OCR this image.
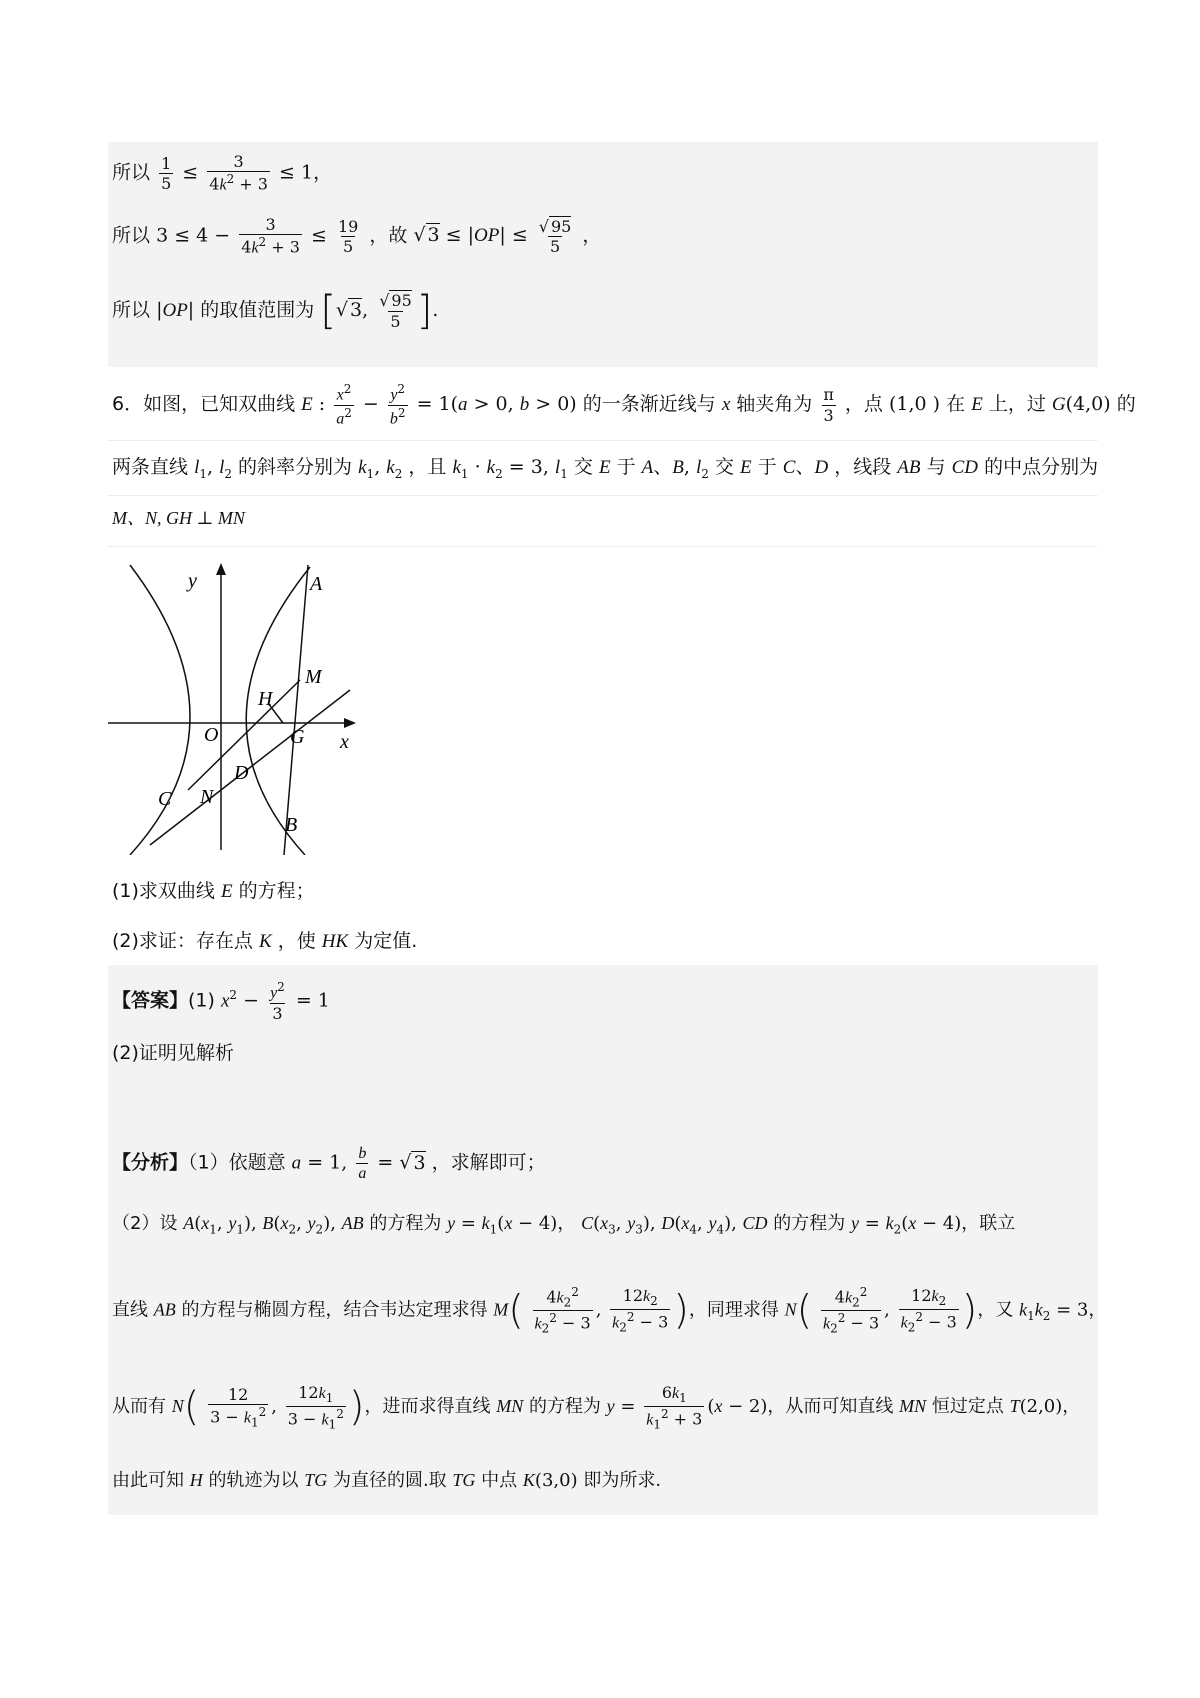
所以 $\frac{1}{5} \le \frac{3}{4k^2 + 3} \le 1$，
所以 $3 \le 4 - \frac{3}{4k^2 + 3} \le \frac{19}{5}$ ，故 √ $3 \le |OP| \le \frac{√ 95}{5}$ ，
所以 |OP| 的取值范围为 [√ 3, $\frac{√ 95}{5}$ ].
6．如图，已知双曲线 E : $\frac{x^2}{a^2} - \frac{y^2}{b^2} = 1(a > 0$, b > 0) 的一条渐近线与 x 轴夹角为 $\frac{\pi}{3}$ ，点 (1,0 ) 在 E 上，过 G(4,0) 的
两条直线 $l_1$, $l_2$ 的斜率分别为 $k_1$, $k_2$ ，且 $k_1 \cdot k_2 = 3$, $l_1$ 交 E 于 A、B, $l_2$ 交 E 于 C、D ，线段 AB 与 CD 的中点分别为
M、N, GH ⊥ MN
y
x
A
M
H
O	G
D
C N
B
(1)求双曲线 E 的方程；
(2)求证：存在点 K ，使 HK 为定值.
【答案】(1) $x^2 - \frac{y^2}{3} = 1$
(2)证明见解析
【分析】（1）依题意 a = 1, $\frac{b}{a}$ = √ 3 ，求解即可；
（2）设 $A(x_1$, $y_1$), $B(x_2$, $y_2$), AB 的方程为 $y = k_1(x - 4)$， $C(x_3$, $y_3$), $D(x_4$, $y_4$), CD 的方程为 $y = k_2(x - 4)$，联立
直线 AB 的方程与椭圆方程，结合韦达定理求得 $M( \frac{4k_2^2}{k_2^2 - 3}$ , $\frac{12k_2}{k_2^2 - 3}$ )，同理求得 $N( \frac{4k_2^2}{k_2^2 - 3}$ , $\frac{12k_2}{k_2^2 - 3}$ )，又 $k_1k_2 = 3$，
从而有 $N( \frac{12}{3 - k_1^2}$ , $\frac{12k_1}{3 - k_1^2}$ )，进而求得直线 MN 的方程为 $y = \frac{6k_1}{k_1^2 + 3} (x - 2)$，从而可知直线 MN 恒过定点 T(2,0)，
由此可知 H 的轨迹为以 TG 为直径的圆.取 TG 中点 K(3,0) 即为所求.
